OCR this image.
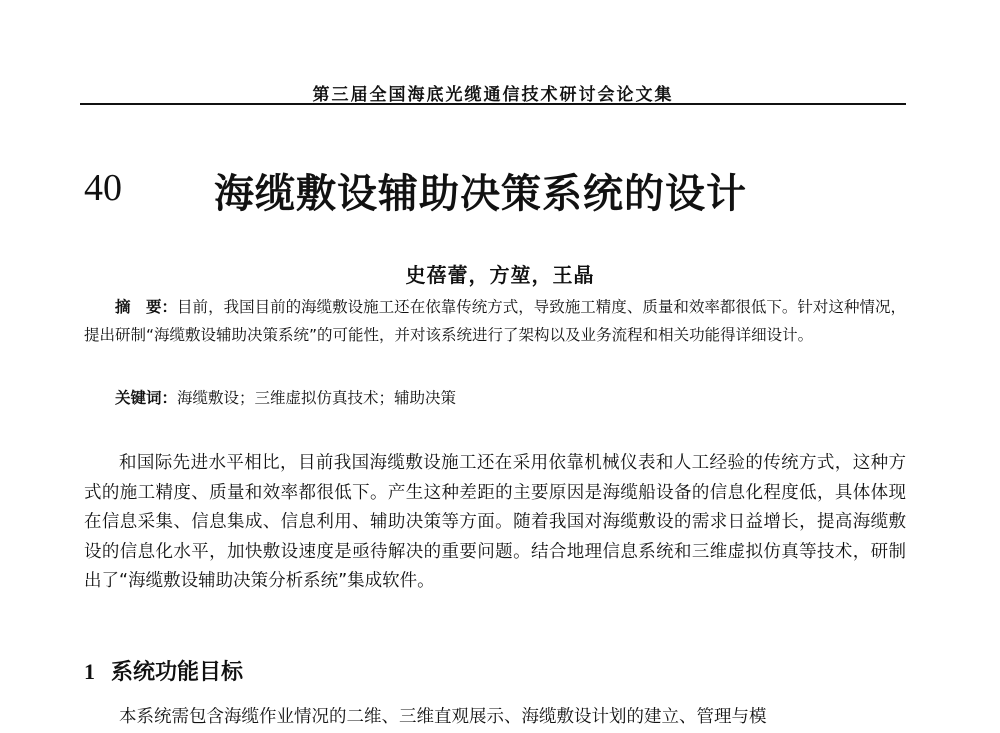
第三届全国海底光缆通信技术研讨会论文集
40 海缆敷设辅助决策系统的设计
史蓓蕾，方堃，王晶

摘　要：目前，我国目前的海缆敷设施工还在依靠传统方式，导致施工精度、质量和效率都很低下。针对这种情况，提出研制“海缆敷设辅助决策系统”的可能性，并对该系统进行了架构以及业务流程和相关功能得详细设计。

关键词：海缆敷设；三维虚拟仿真技术；辅助决策

和国际先进水平相比，目前我国海缆敷设施工还在采用依靠机械仪表和人工经验的传统方式，这种方式的施工精度、质量和效率都很低下。产生这种差距的主要原因是海缆船设备的信息化程度低，具体体现在信息采集、信息集成、信息利用、辅助决策等方面。随着我国对海缆敷设的需求日益增长，提高海缆敷设的信息化水平，加快敷设速度是亟待解决的重要问题。结合地理信息系统和三维虚拟仿真等技术，研制出了“海缆敷设辅助决策分析系统”集成软件。

1 系统功能目标

本系统需包含海缆作业情况的二维、三维直观展示、海缆敷设计划的建立、管理与模
